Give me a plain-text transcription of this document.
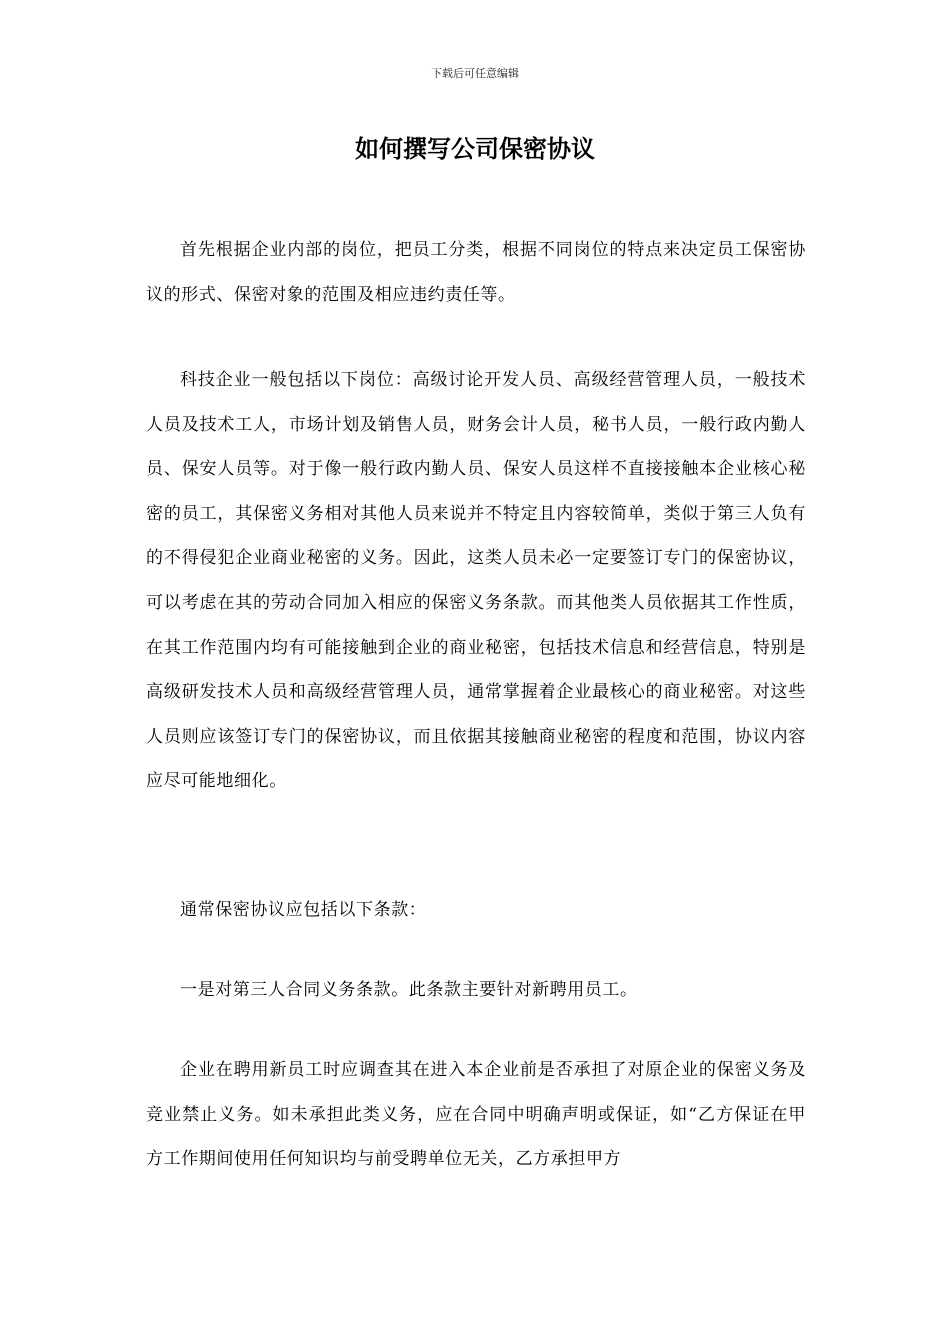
下载后可任意编辑
如何撰写公司保密协议

首先根据企业内部的岗位，把员工分类，根据不同岗位的特点来决定员工保密协议的形式、保密对象的范围及相应违约责任等。

科技企业一般包括以下岗位：高级讨论开发人员、高级经营管理人员，一般技术人员及技术工人，市场计划及销售人员，财务会计人员，秘书人员，一般行政内勤人员、保安人员等。对于像一般行政内勤人员、保安人员这样不直接接触本企业核心秘密的员工，其保密义务相对其他人员来说并不特定且内容较简单，类似于第三人负有的不得侵犯企业商业秘密的义务。因此，这类人员未必一定要签订专门的保密协议，可以考虑在其的劳动合同加入相应的保密义务条款。而其他类人员依据其工作性质，在其工作范围内均有可能接触到企业的商业秘密，包括技术信息和经营信息，特别是高级研发技术人员和高级经营管理人员，通常掌握着企业最核心的商业秘密。对这些人员则应该签订专门的保密协议，而且依据其接触商业秘密的程度和范围，协议内容应尽可能地细化。

通常保密协议应包括以下条款：

一是对第三人合同义务条款。此条款主要针对新聘用员工。

企业在聘用新员工时应调查其在进入本企业前是否承担了对原企业的保密义务及竞业禁止义务。如未承担此类义务，应在合同中明确声明或保证，如“乙方保证在甲方工作期间使用任何知识均与前受聘单位无关，乙方承担甲方
